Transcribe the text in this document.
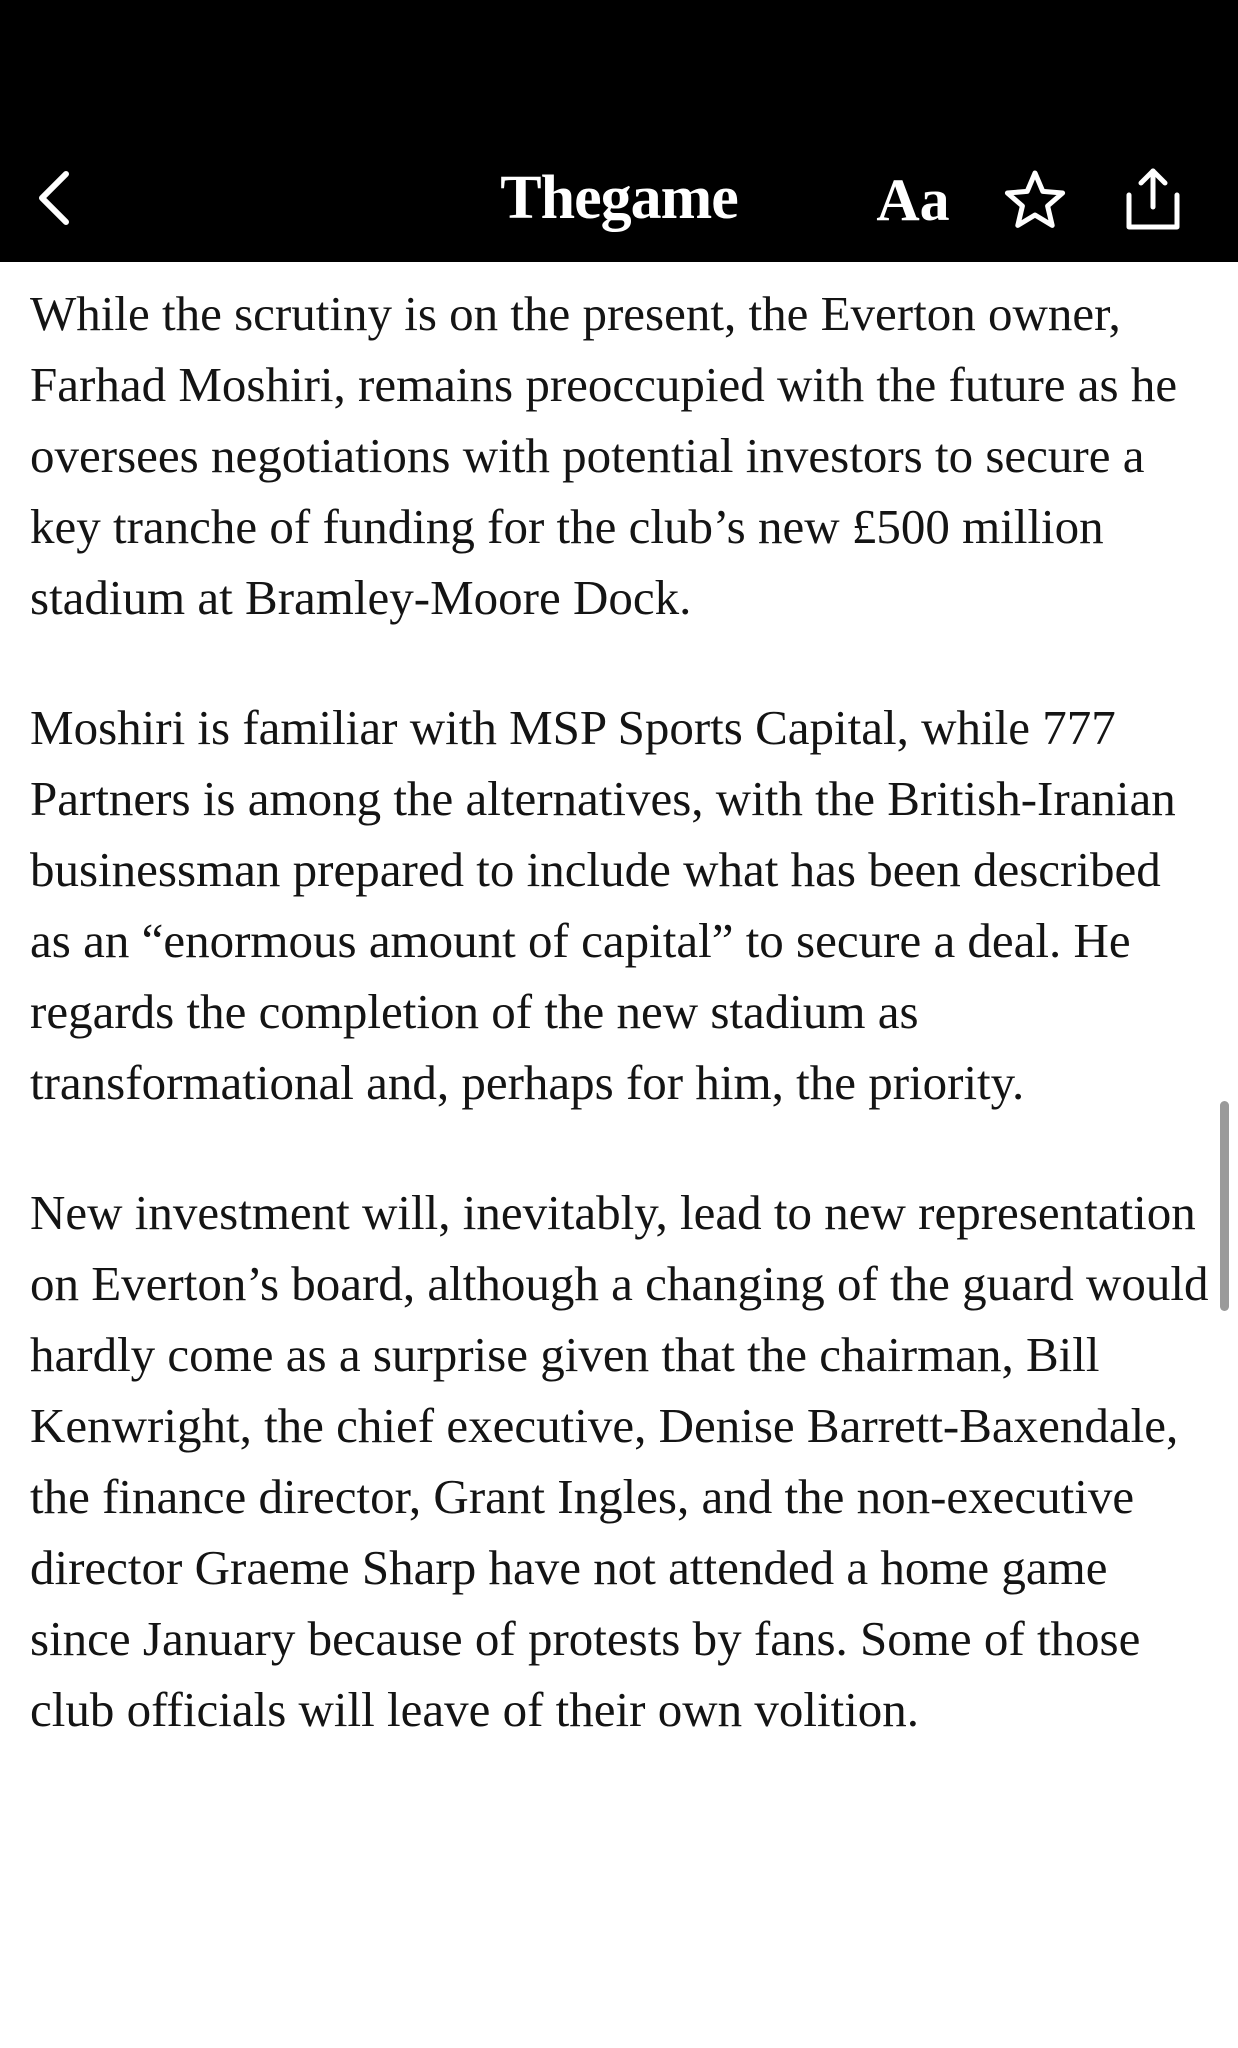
Thegame	Aa

While the scrutiny is on the present, the Everton owner, Farhad Moshiri, remains preoccupied with the future as he oversees negotiations with potential investors to secure a key tranche of funding for the club’s new £500 million stadium at Bramley-Moore Dock.

Moshiri is familiar with MSP Sports Capital, while 777 Partners is among the alternatives, with the British-Iranian businessman prepared to include what has been described as an “enormous amount of capital” to secure a deal. He regards the completion of the new stadium as transformational and, perhaps for him, the priority.

New investment will, inevitably, lead to new representation on Everton’s board, although a changing of the guard would hardly come as a surprise given that the chairman, Bill Kenwright, the chief executive, Denise Barrett-Baxendale, the finance director, Grant Ingles, and the non-executive director Graeme Sharp have not attended a home game since January because of protests by fans. Some of those club officials will leave of their own volition.
